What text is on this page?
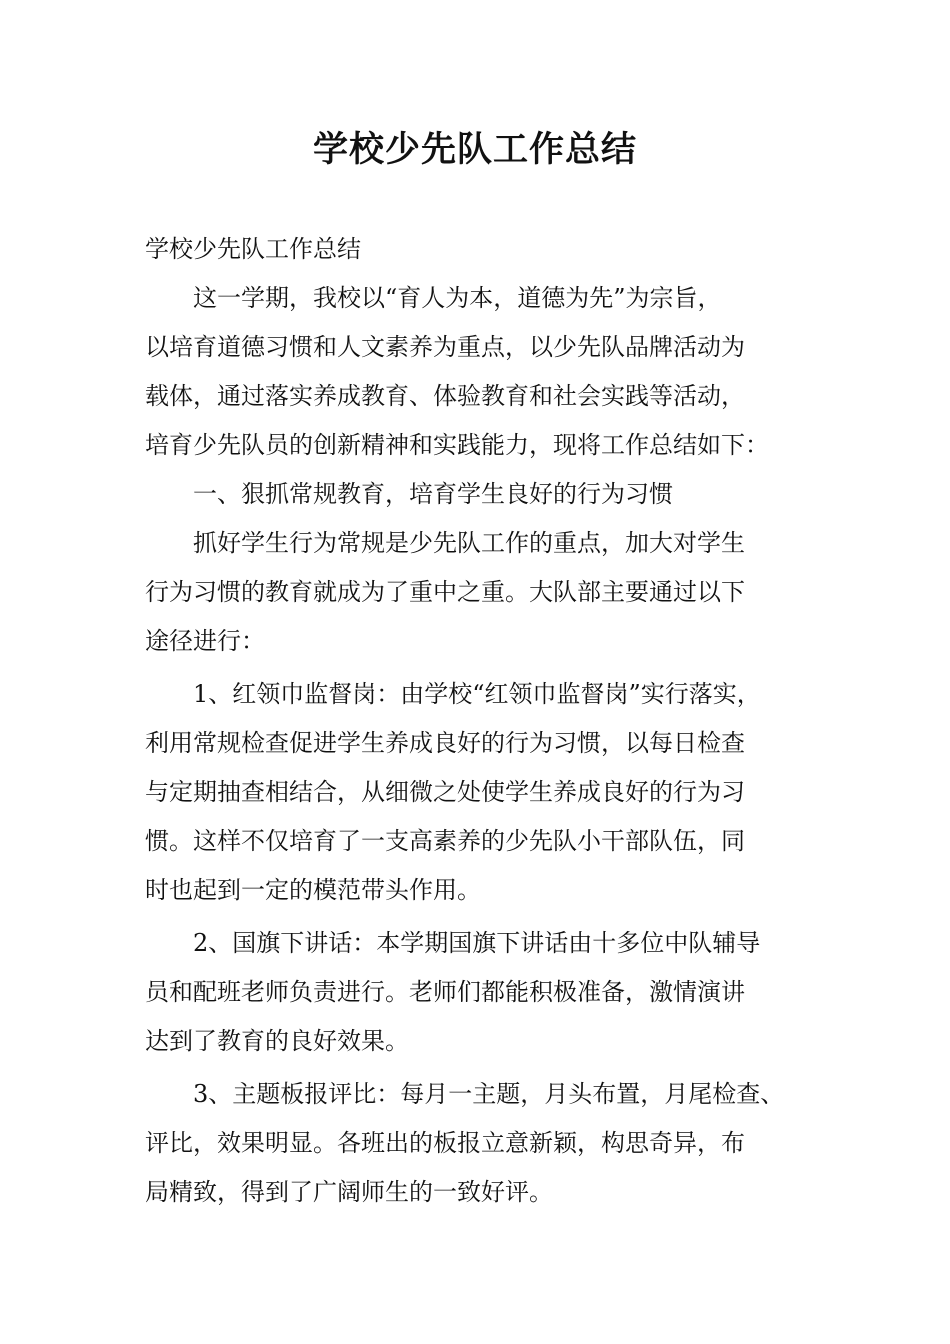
学校少先队工作总结

学校少先队工作总结

这一学期，我校以“育人为本，道德为先”为宗旨，
以培育道德习惯和人文素养为重点，以少先队品牌活动为
载体，通过落实养成教育、体验教育和社会实践等活动，
培育少先队员的创新精神和实践能力，现将工作总结如下：

一、狠抓常规教育，培育学生良好的行为习惯

抓好学生行为常规是少先队工作的重点，加大对学生
行为习惯的教育就成为了重中之重。大队部主要通过以下
途径进行：

1、红领巾监督岗：由学校“红领巾监督岗”实行落实，
利用常规检查促进学生养成良好的行为习惯，以每日检查
与定期抽查相结合，从细微之处使学生养成良好的行为习
惯。这样不仅培育了一支高素养的少先队小干部队伍，同
时也起到一定的模范带头作用。

2、国旗下讲话：本学期国旗下讲话由十多位中队辅导
员和配班老师负责进行。老师们都能积极准备，激情演讲
达到了教育的良好效果。

3、主题板报评比：每月一主题，月头布置，月尾检查、
评比，效果明显。各班出的板报立意新颖，构思奇异，布
局精致，得到了广阔师生的一致好评。
